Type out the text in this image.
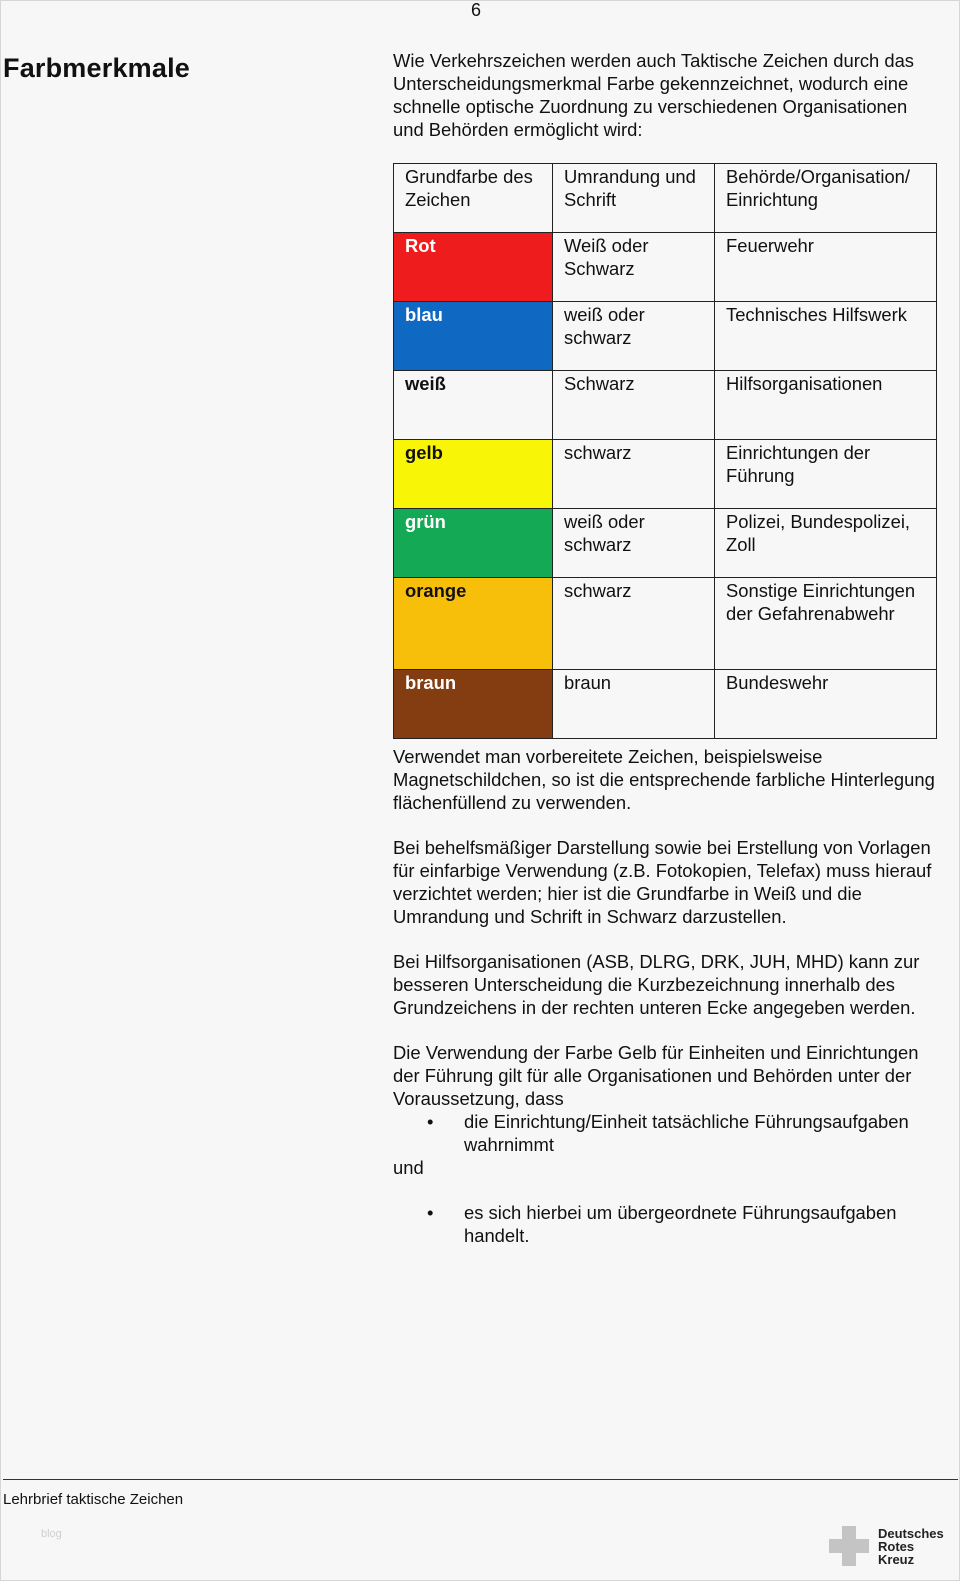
6
Farbmerkmale	Wie Verkehrszeichen werden auch Taktische Zeichen durch das Unterscheidungsmerkmal Farbe gekennzeichnet, wodurch eine schnelle optische Zuordnung zu verschiedenen Organisationen und Behörden ermöglicht wird:

Grundfarbe des Zeichen	Umrandung und Schrift	Behörde/Organisation/ Einrichtung
Rot	Weiß oder Schwarz	Feuerwehr
blau	weiß oder schwarz	Technisches Hilfswerk
weiß	Schwarz	Hilfsorganisationen
gelb	schwarz	Einrichtungen der Führung
grün	weiß oder schwarz	Polizei, Bundespolizei, Zoll
orange	schwarz	Sonstige Einrichtungen der Gefahrenabwehr
braun	braun	Bundeswehr

Verwendet man vorbereitete Zeichen, beispielsweise Magnetschildchen, so ist die entsprechende farbliche Hinterlegung flächenfüllend zu verwenden.

Bei behelfsmäßiger Darstellung sowie bei Erstellung von Vorlagen für einfarbige Verwendung (z.B. Fotokopien, Telefax) muss hierauf verzichtet werden; hier ist die Grundfarbe in Weiß und die Umrandung und Schrift in Schwarz darzustellen.

Bei Hilfsorganisationen (ASB, DLRG, DRK, JUH, MHD) kann zur besseren Unterscheidung die Kurzbezeichnung innerhalb des Grundzeichens in der rechten unteren Ecke angegeben werden.

Die Verwendung der Farbe Gelb für Einheiten und Einrichtungen der Führung gilt für alle Organisationen und Behörden unter der Voraussetzung, dass

• die Einrichtung/Einheit tatsächliche Führungsaufgaben wahrnimmt

und

• es sich hierbei um übergeordnete Führungsaufgaben handelt.
Lehrbrief taktische Zeichen
blog	Deutsches
Rotes
Kreuz
